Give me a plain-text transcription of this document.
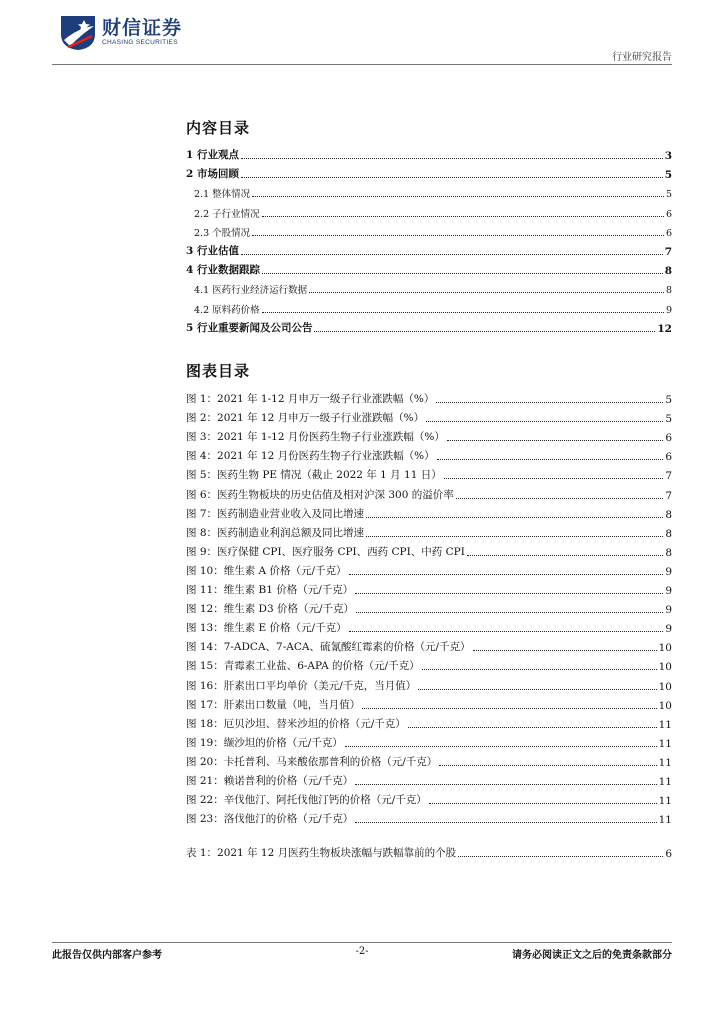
财信证券
CHASING SECURITIES
行业研究报告
内容目录
1 行业观点	3
2 市场回顾	5
2.1 整体情况	5
2.2 子行业情况	6
2.3 个股情况	6
3 行业估值	7
4 行业数据跟踪	8
4.1 医药行业经济运行数据	8
4.2 原料药价格	9
5 行业重要新闻及公司公告	12
图表目录
图 1：2021 年 1-12 月申万一级子行业涨跌幅（%）	5
图 2：2021 年 12 月申万一级子行业涨跌幅（%）	5
图 3：2021 年 1-12 月份医药生物子行业涨跌幅（%）	6
图 4：2021 年 12 月份医药生物子行业涨跌幅（%）	6
图 5：医药生物 PE 情况（截止 2022 年 1 月 11 日）	7
图 6：医药生物板块的历史估值及相对沪深 300 的溢价率	7
图 7：医药制造业营业收入及同比增速	8
图 8：医药制造业利润总额及同比增速	8
图 9：医疗保健 CPI、医疗服务 CPI、西药 CPI、中药 CPI	8
图 10：维生素 A 价格（元/千克）	9
图 11：维生素 B1 价格（元/千克）	9
图 12：维生素 D3 价格（元/千克）	9
图 13：维生素 E 价格（元/千克）	9
图 14：7-ADCA、7-ACA、硫氰酸红霉素的价格（元/千克）	10
图 15：青霉素工业盐、6-APA 的价格（元/千克）	10
图 16：肝素出口平均单价（美元/千克，当月值）	10
图 17：肝素出口数量（吨，当月值）	10
图 18：厄贝沙坦、替米沙坦的价格（元/千克）	11
图 19：缬沙坦的价格（元/千克）	11
图 20：卡托普利、马来酸依那普利的价格（元/千克）	11
图 21：赖诺普利的价格（元/千克）	11
图 22：辛伐他汀、阿托伐他汀钙的价格（元/千克）	11
图 23：洛伐他汀的价格（元/千克）	11
表 1：2021 年 12 月医药生物板块涨幅与跌幅靠前的个股	6
此报告仅供内部客户参考	-2-	请务必阅读正文之后的免责条款部分
